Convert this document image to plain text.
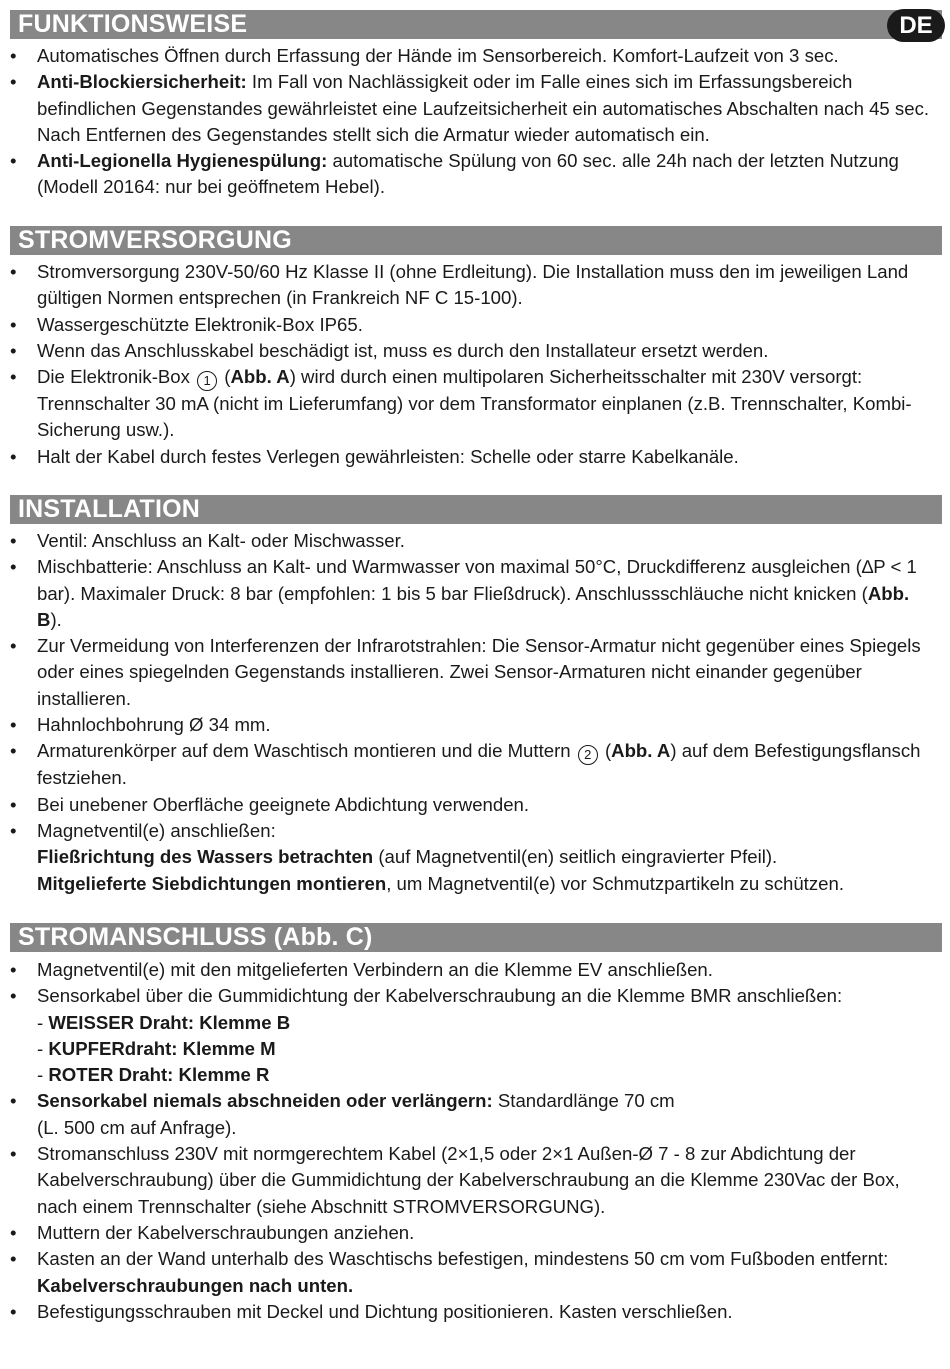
DE
FUNKTIONSWEISE
• Automatisches Öffnen durch Erfassung der Hände im Sensorbereich. Komfort-Laufzeit von 3 sec.
• Anti-Blockiersicherheit: Im Fall von Nachlässigkeit oder im Falle eines sich im Erfassungsbereich befindlichen Gegenstandes gewährleistet eine Laufzeitsicherheit ein automatisches Abschalten nach 45 sec. Nach Entfernen des Gegenstandes stellt sich die Armatur wieder automatisch ein.
• Anti-Legionella Hygienespülung: automatische Spülung von 60 sec. alle 24h nach der letzten Nutzung (Modell 20164: nur bei geöffnetem Hebel).
STROMVERSORGUNG
• Stromversorgung 230V-50/60 Hz Klasse II (ohne Erdleitung). Die Installation muss den im jeweiligen Land gültigen Normen entsprechen (in Frankreich NF C 15-100).
• Wassergeschützte Elektronik-Box IP65.
• Wenn das Anschlusskabel beschädigt ist, muss es durch den Installateur ersetzt werden.
• Die Elektronik-Box 1 (Abb. A) wird durch einen multipolaren Sicherheitsschalter mit 230V versorgt: Trennschalter 30 mA (nicht im Lieferumfang) vor dem Transformator einplanen (z.B. Trennschalter, Kombi-Sicherung usw.).
• Halt der Kabel durch festes Verlegen gewährleisten: Schelle oder starre Kabelkanäle.
INSTALLATION
• Ventil: Anschluss an Kalt- oder Mischwasser.
• Mischbatterie: Anschluss an Kalt- und Warmwasser von maximal 50°C, Druckdifferenz ausgleichen (∆P < 1 bar). Maximaler Druck: 8 bar (empfohlen: 1 bis 5 bar Fließdruck). Anschlussschläuche nicht knicken (Abb. B).
• Zur Vermeidung von Interferenzen der Infrarotstrahlen: Die Sensor-Armatur nicht gegenüber eines Spiegels oder eines spiegelnden Gegenstands installieren. Zwei Sensor-Armaturen nicht einander gegenüber installieren.
• Hahnlochbohrung Ø 34 mm.
• Armaturenkörper auf dem Waschtisch montieren und die Muttern 2 (Abb. A) auf dem Befestigungsflansch festziehen.
• Bei unebener Oberfläche geeignete Abdichtung verwenden.
• Magnetventil(e) anschließen:
Fließrichtung des Wassers betrachten (auf Magnetventil(en) seitlich eingravierter Pfeil).
Mitgelieferte Siebdichtungen montieren, um Magnetventil(e) vor Schmutzpartikeln zu schützen.
STROMANSCHLUSS (Abb. C)
• Magnetventil(e) mit den mitgelieferten Verbindern an die Klemme EV anschließen.
• Sensorkabel über die Gummidichtung der Kabelverschraubung an die Klemme BMR anschließen:
- WEISSER Draht: Klemme B
- KUPFERdraht: Klemme M
- ROTER Draht: Klemme R
• Sensorkabel niemals abschneiden oder verlängern: Standardlänge 70 cm
(L. 500 cm auf Anfrage).
• Stromanschluss 230V mit normgerechtem Kabel (2×1,5 oder 2×1 Außen-Ø 7 - 8 zur Abdichtung der Kabelverschraubung) über die Gummidichtung der Kabelverschraubung an die Klemme 230Vac der Box, nach einem Trennschalter (siehe Abschnitt STROMVERSORGUNG).
• Muttern der Kabelverschraubungen anziehen.
• Kasten an der Wand unterhalb des Waschtischs befestigen, mindestens 50 cm vom Fußboden entfernt: Kabelverschraubungen nach unten.
• Befestigungsschrauben mit Deckel und Dichtung positionieren. Kasten verschließen.
